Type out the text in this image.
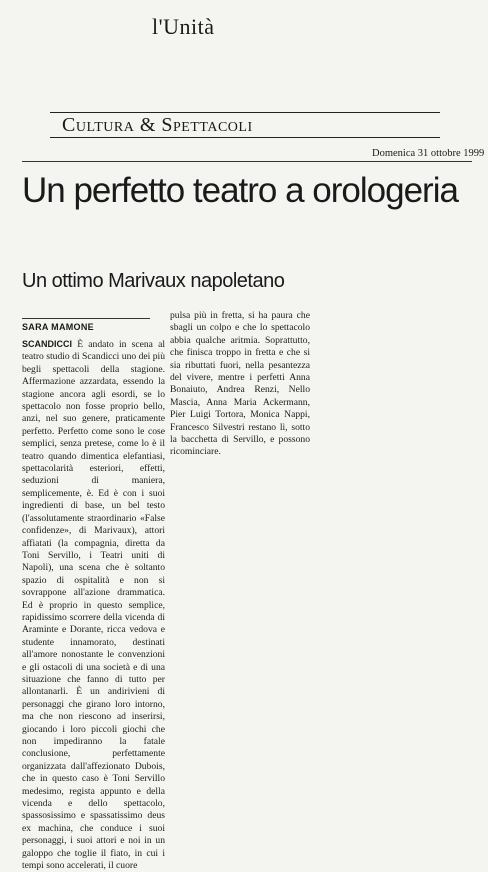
l'Unità
Cultura & Spettacoli
Domenica 31 ottobre 1999
Un perfetto teatro a orologeria
Un ottimo Marivaux napoletano
SARA MAMONE
SCANDICCI È andato in scena al teatro studio di Scandicci uno dei più begli spettacoli della stagione. Affermazione azzardata, essendo la stagione ancora agli esordi, se lo spettacolo non fosse proprio bello, anzi, nel suo genere, praticamente perfetto. Perfetto come sono le cose semplici, senza pretese, come lo è il teatro quando dimentica elefantiasi, spettacolarità esteriori, effetti, seduzioni di maniera, semplicemente, è. Ed è con i suoi ingredienti di base, un bel testo (l'assolutamente straordinario «False confidenze», di Marivaux), attori affiatati (la compagnia, diretta da Toni Servillo, i Teatri uniti di Napoli), una scena che è soltanto spazio di ospitalità e non si sovrappone all'azione drammatica. Ed è proprio in questo semplice, rapidissimo scorrere della vicenda di Araminte e Dorante, ricca vedova e studente innamorato, destinati all'amore nonostante le convenzioni e gli ostacoli di una società e di una situazione che fanno di tutto per allontanarli. È un andirivieni di personaggi che girano loro intorno, ma che non riescono ad inserirsi, giocando i loro piccoli giochi che non impediranno la fatale conclusione, perfettamente organizzata dall'affezionato Dubois, che in questo caso è Toni Servillo medesimo, regista appunto e della vicenda e dello spettacolo, spassosissimo e spassatissimo deus ex machina, che conduce i suoi personaggi, i suoi attori e noi in un galoppo che toglie il fiato, in cui i tempi sono accelerati, il cuore
pulsa più in fretta, si ha paura che sbagli un colpo e che lo spettacolo abbia qualche aritmia. Soprattutto, che finisca troppo in fretta e che si sia ributtati fuori, nella pesantezza del vivere, mentre i perfetti Anna Bonaiuto, Andrea Renzi, Nello Mascia, Anna Maria Ackermann, Pier Luigi Tortora, Monica Nappi, Francesco Silvestri restano lì, sotto la bacchetta di Servillo, e possono ricominciare.
